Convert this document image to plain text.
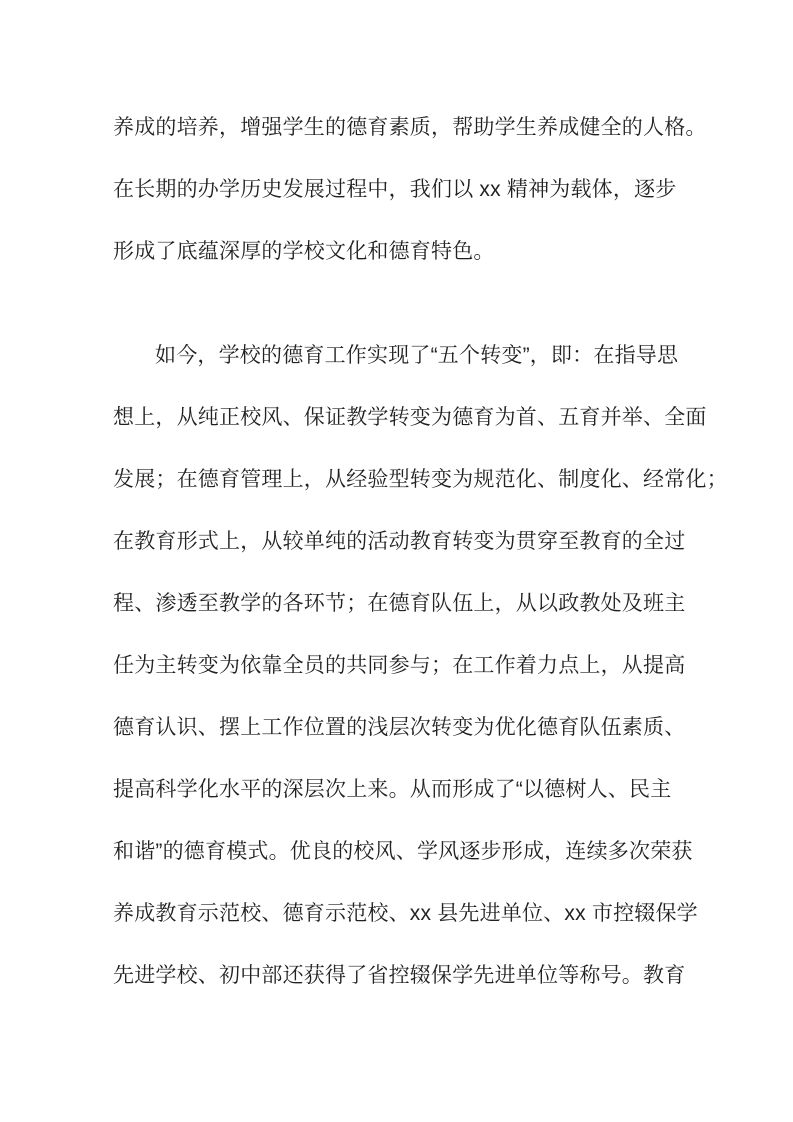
养成的培养，增强学生的德育素质，帮助学生养成健全的人格。
在长期的办学历史发展过程中，我们以 xx 精神为载体，逐步
形成了底蕴深厚的学校文化和德育特色。
如今，学校的德育工作实现了“五个转变”，即：在指导思
想上，从纯正校风、保证教学转变为德育为首、五育并举、全面
发展；在德育管理上，从经验型转变为规范化、制度化、经常化；
在教育形式上，从较单纯的活动教育转变为贯穿至教育的全过
程、渗透至教学的各环节；在德育队伍上，从以政教处及班主
任为主转变为依靠全员的共同参与；在工作着力点上，从提高
德育认识、摆上工作位置的浅层次转变为优化德育队伍素质、
提高科学化水平的深层次上来。从而形成了“以德树人、民主
和谐”的德育模式。优良的校风、学风逐步形成，连续多次荣获
养成教育示范校、德育示范校、xx 县先进单位、xx 市控辍保学
先进学校、初中部还获得了省控辍保学先进单位等称号。教育
